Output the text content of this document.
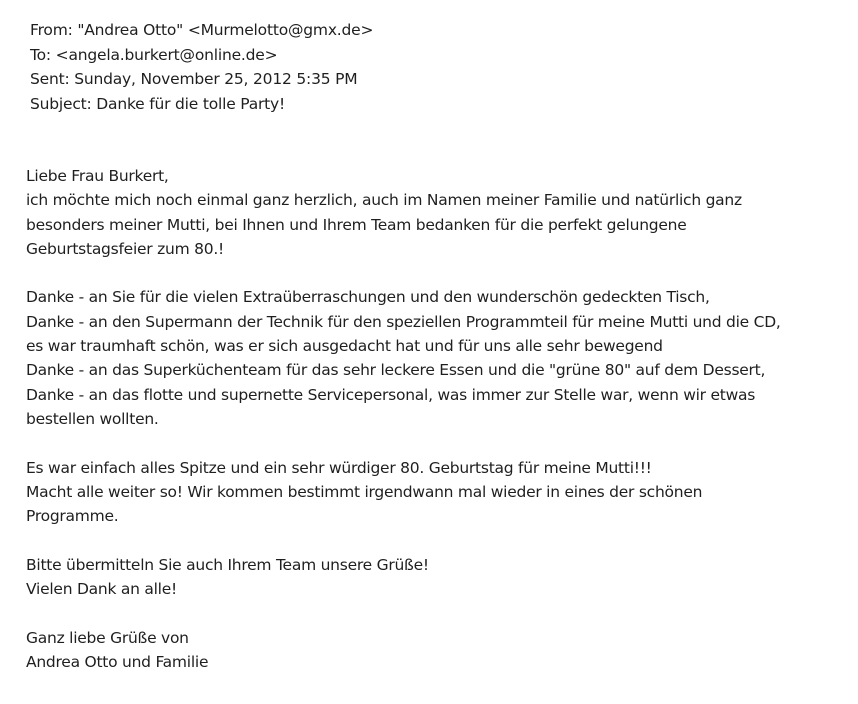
From: "Andrea Otto" <Murmelotto@gmx.de>
To: <angela.burkert@online.de>
Sent: Sunday, November 25, 2012 5:35 PM
Subject: Danke für die tolle Party!
Liebe Frau Burkert,
ich möchte mich noch einmal ganz herzlich, auch im Namen meiner Familie und natürlich ganz
besonders meiner Mutti, bei Ihnen und Ihrem Team bedanken für die perfekt gelungene
Geburtstagsfeier zum 80.!
Danke - an Sie für die vielen Extraüberraschungen und den wunderschön gedeckten Tisch,
Danke - an den Supermann der Technik für den speziellen Programmteil für meine Mutti und die CD,
es war traumhaft schön, was er sich ausgedacht hat und für uns alle sehr bewegend
Danke - an das Superküchenteam für das sehr leckere Essen und die "grüne 80" auf dem Dessert,
Danke - an das flotte und supernette Servicepersonal, was immer zur Stelle war, wenn wir etwas
bestellen wollten.
Es war einfach alles Spitze und ein sehr würdiger 80. Geburtstag für meine Mutti!!!
Macht alle weiter so! Wir kommen bestimmt irgendwann mal wieder in eines der schönen
Programme.
Bitte übermitteln Sie auch Ihrem Team unsere Grüße!
Vielen Dank an alle!
Ganz liebe Grüße von
Andrea Otto und Familie
